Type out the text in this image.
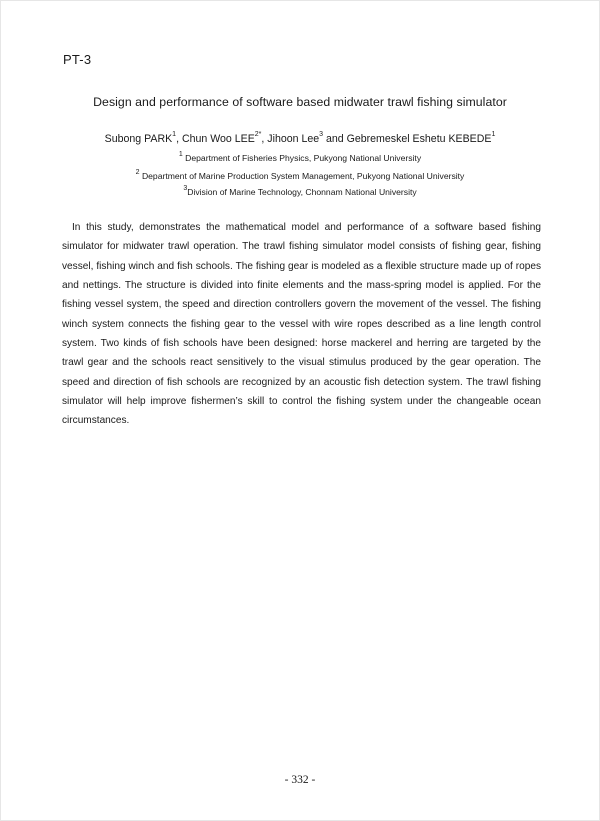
PT-3
Design and performance of software based midwater trawl fishing simulator
Subong PARK$^1$, Chun Woo $LEE^{2*}$, Jihoon Lee$^3$ and Gebremeskel Eshetu KEBEDE$^1$
$^1$ Department of Fisheries Physics, Pukyong National University
$^2$ Department of Marine Production System Management, Pukyong National University
$^3$Division of Marine Technology, Chonnam National University

In this study, demonstrates the mathematical model and performance of a software based fishing simulator for midwater trawl operation. The trawl fishing simulator model consists of fishing gear, fishing vessel, fishing winch and fish schools. The fishing gear is modeled as a flexible structure made up of ropes and nettings. The structure is divided into finite elements and the mass-spring model is applied. For the fishing vessel system, the speed and direction controllers govern the movement of the vessel. The fishing winch system connects the fishing gear to the vessel with wire ropes described as a line length control system. Two kinds of fish schools have been designed: horse mackerel and herring are targeted by the trawl gear and the schools react sensitively to the visual stimulus produced by the gear operation. The speed and direction of fish schools are recognized by an acoustic fish detection system. The trawl fishing simulator will help improve fishermen’s skill to control the fishing system under the changeable ocean circumstances.

- 332 -
